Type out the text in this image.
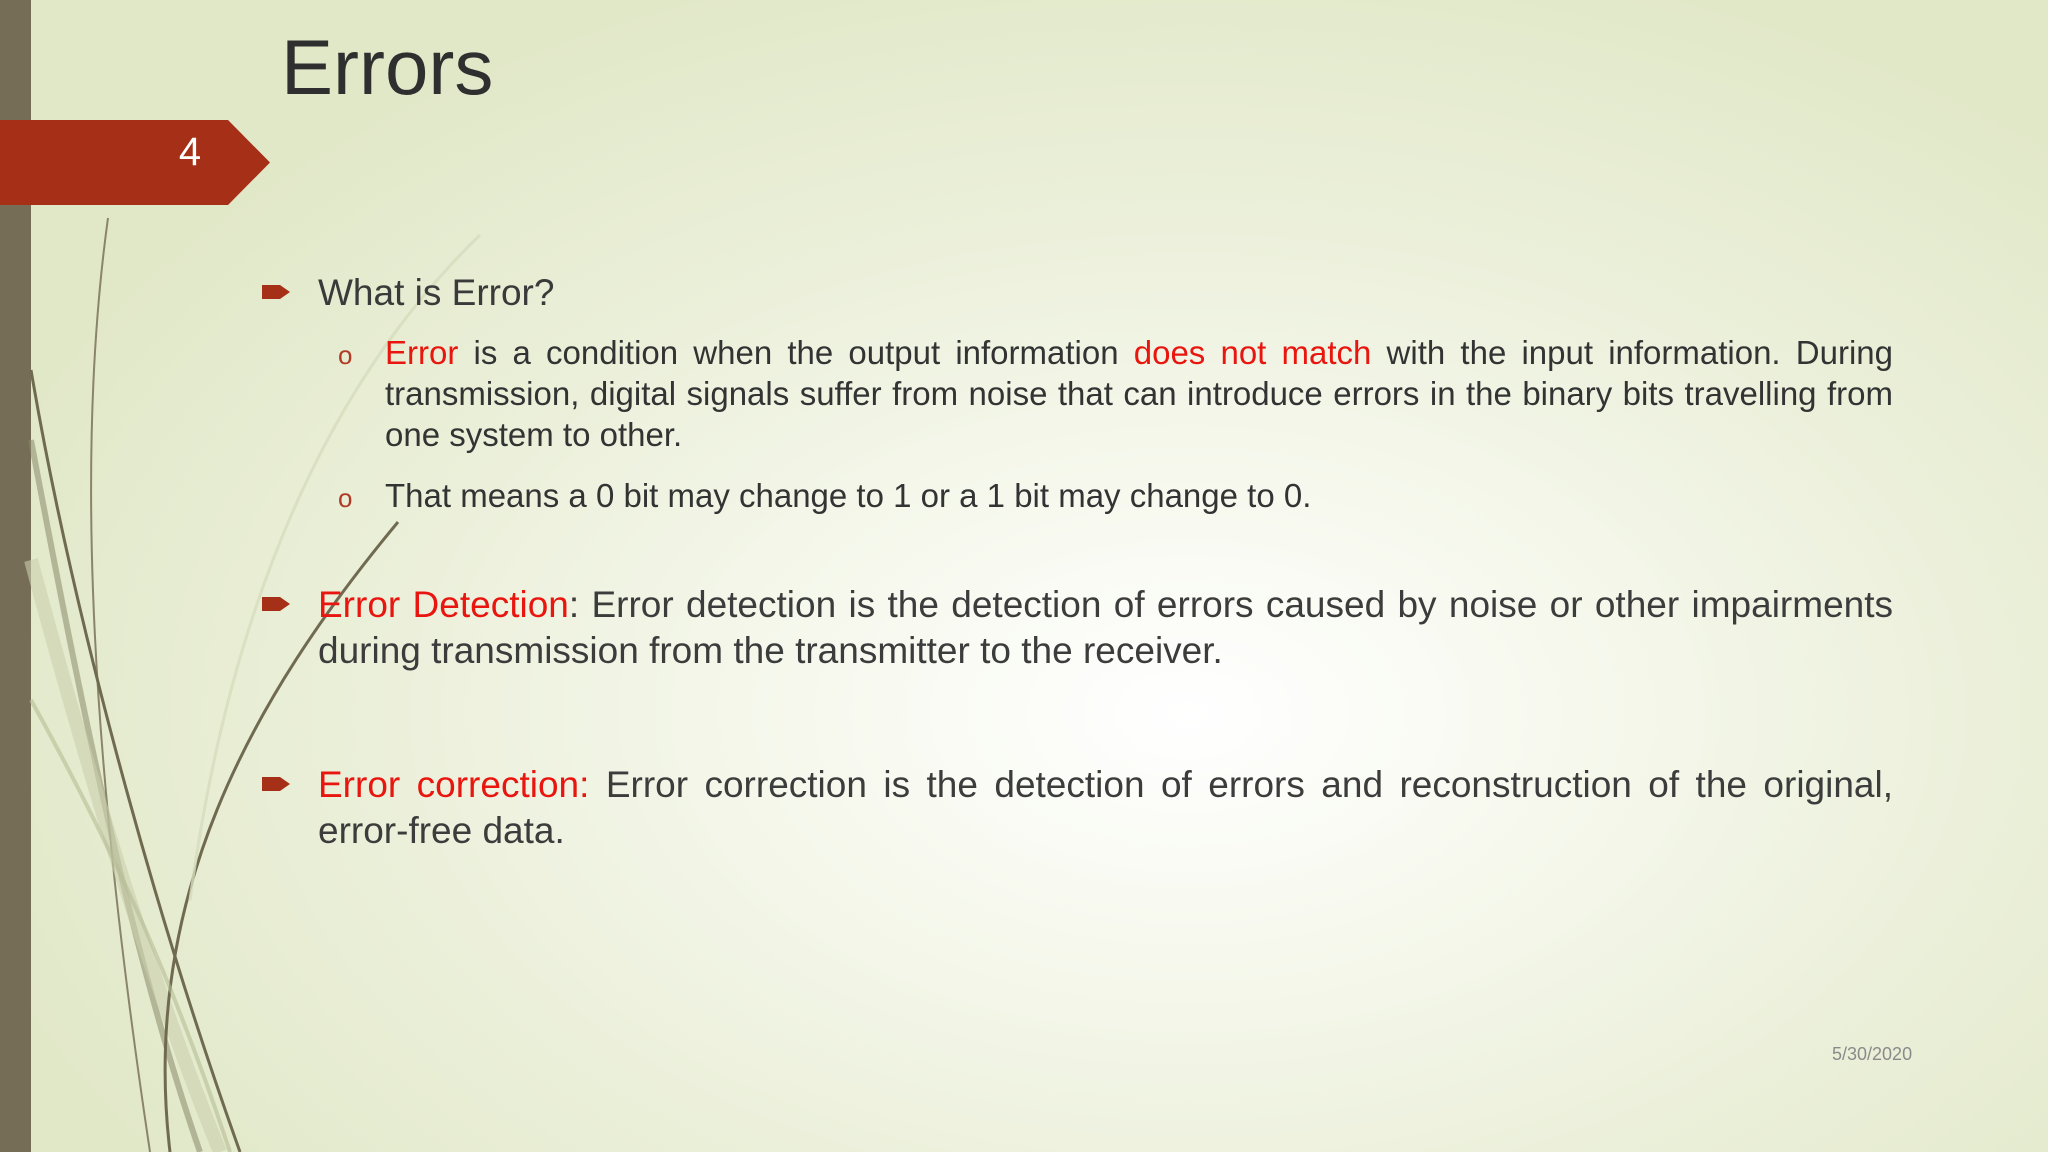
4
Errors
What is Error?
o Error is a condition when the output information does not match with the input information. During transmission, digital signals suffer from noise that can introduce errors in the binary bits travelling from one system to other.
o That means a 0 bit may change to 1 or a 1 bit may change to 0.
Error Detection: Error detection is the detection of errors caused by noise or other impairments during transmission from the transmitter to the receiver.
Error correction: Error correction is the detection of errors and reconstruction of the original, error-free data.
5/30/2020
